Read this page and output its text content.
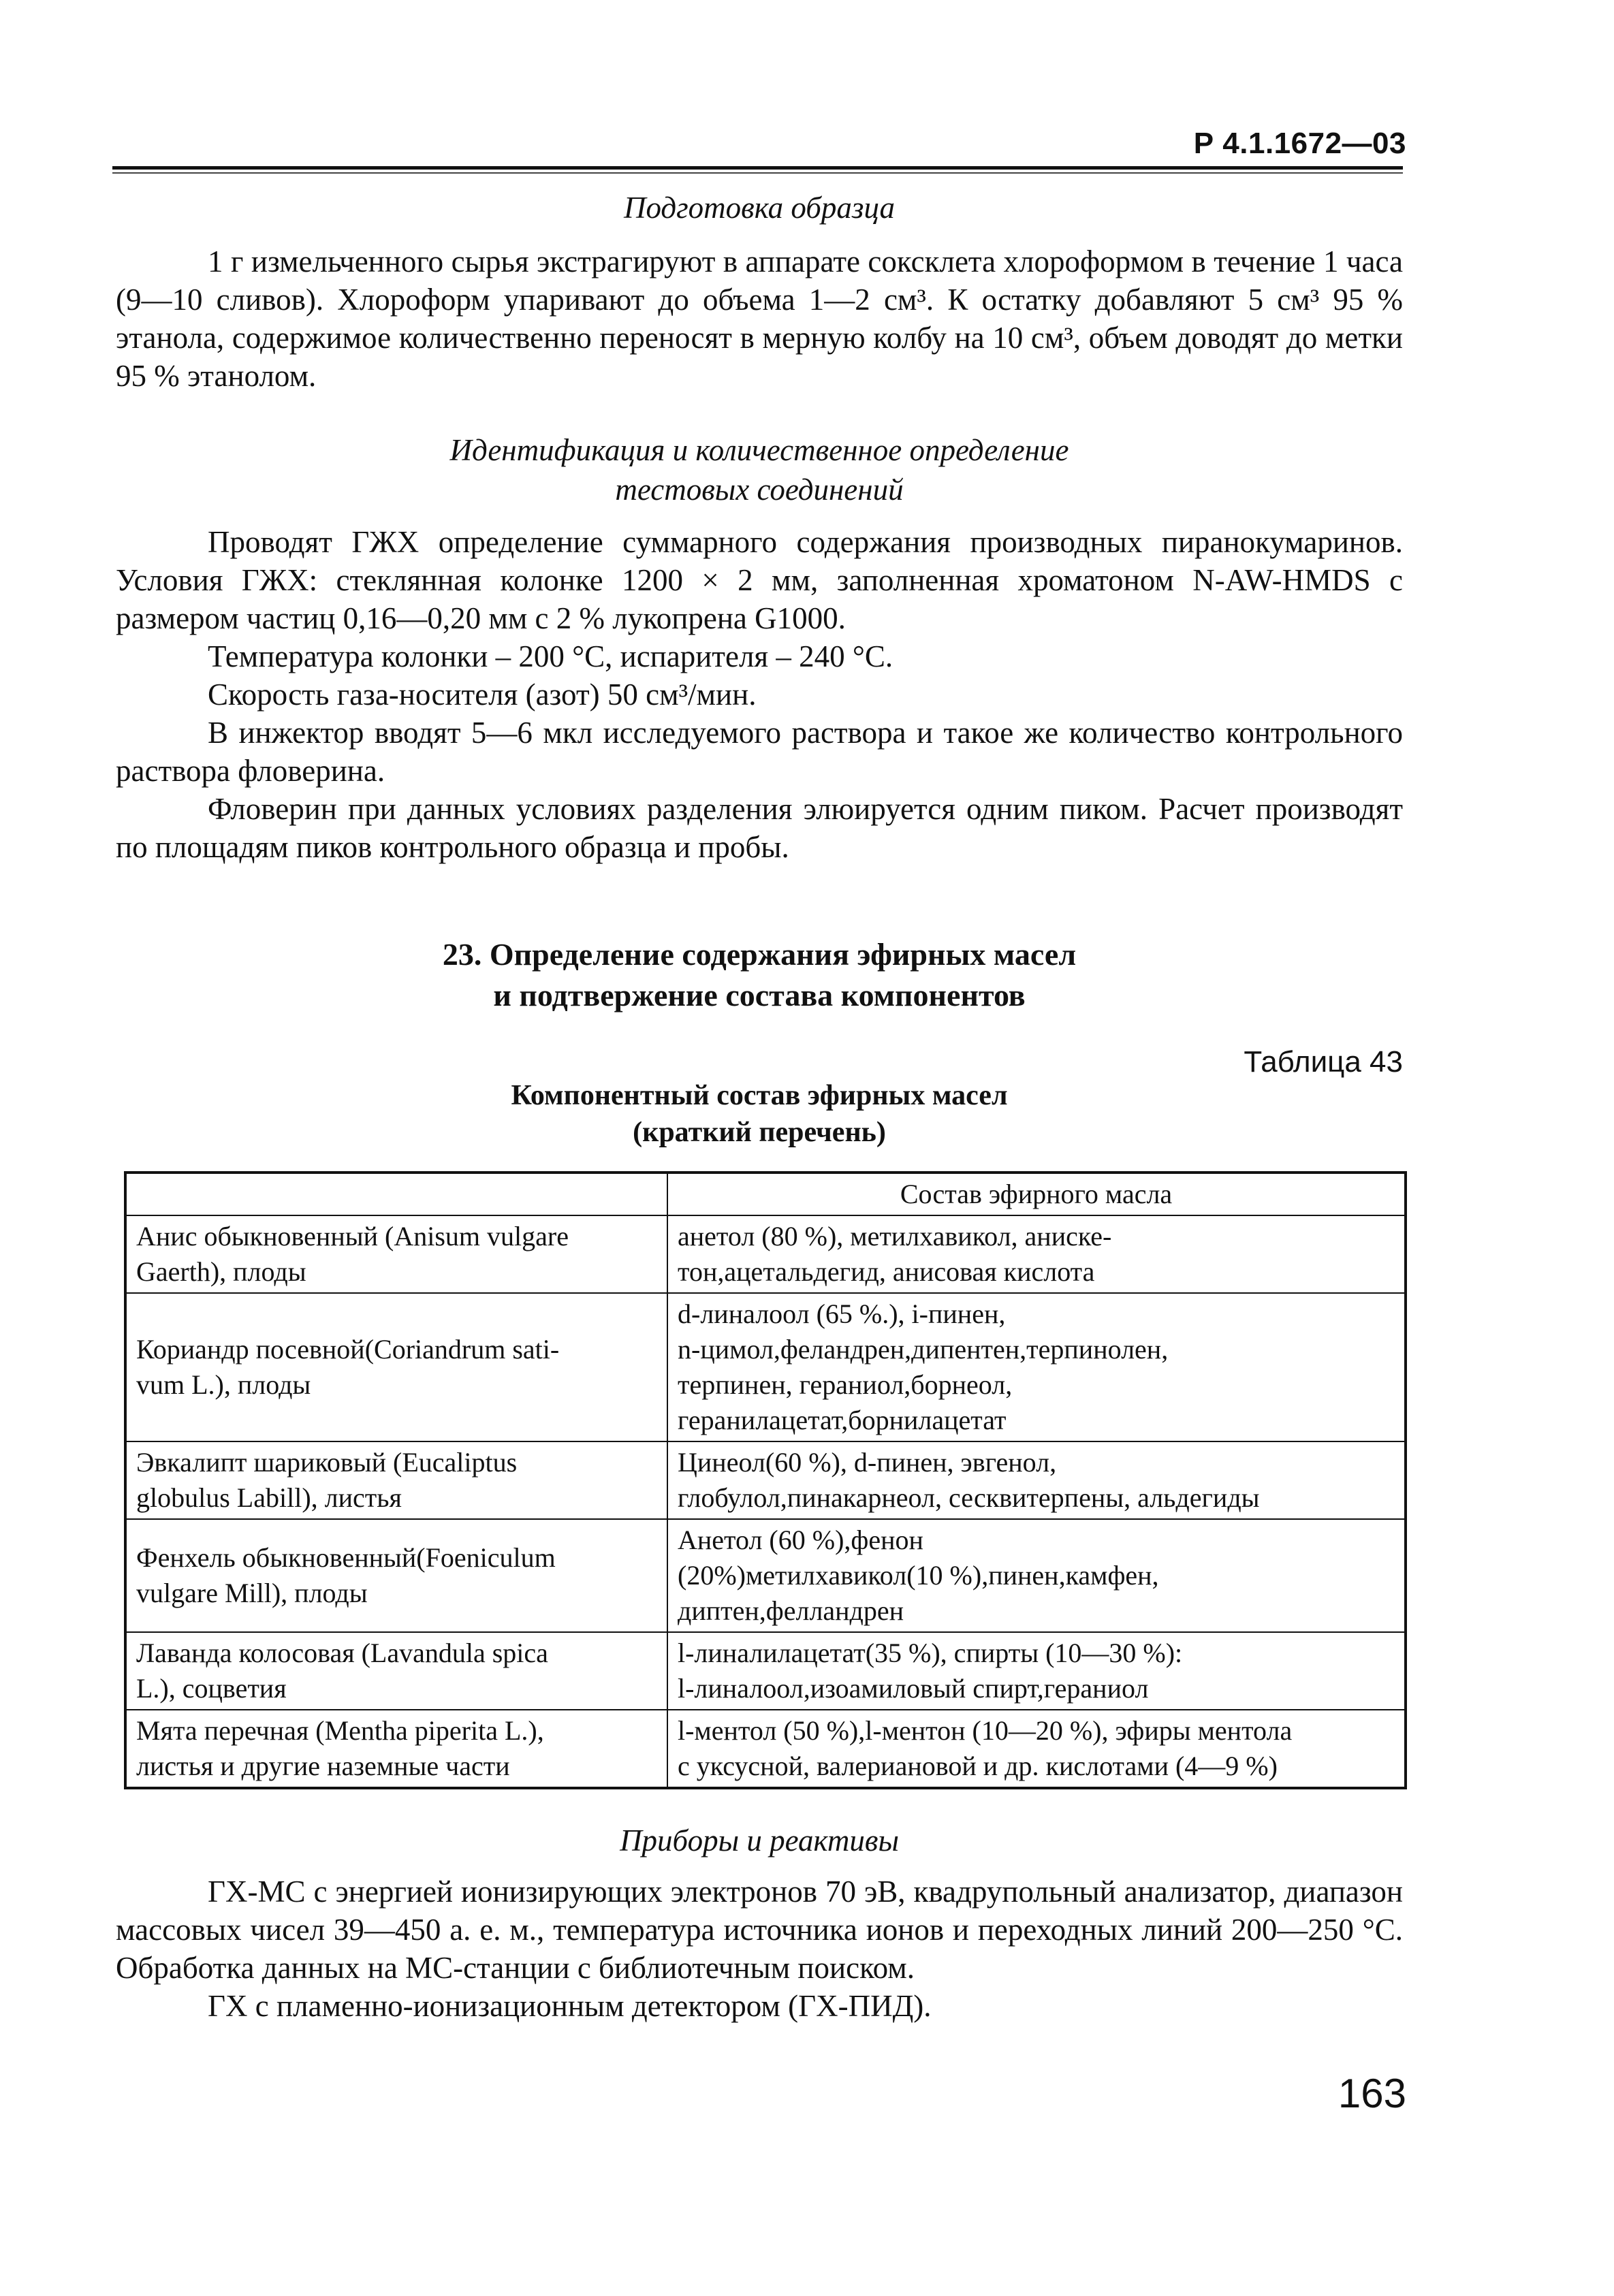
Р 4.1.1672—03

Подготовка образца

1 г измельченного сырья экстрагируют в аппарате соксклета хлороформом в течение 1 часа (9—10 сливов). Хлороформ упаривают до объема 1—2 см³. К остатку добавляют 5 см³ 95 % этанола, содержимое количественно переносят в мерную колбу на 10 см³, объем доводят до метки 95 % этанолом.

Идентификация и количественное определение

тестовых соединений

Проводят ГЖХ определение суммарного содержания производных пиранокумаринов. Условия ГЖХ: стеклянная колонке 1200 × 2 мм, заполненная хроматоном N-AW-HMDS с размером частиц 0,16—0,20 мм с 2 % лукопрена G1000.

Температура колонки – 200 °C, испарителя – 240 °C.

Скорость газа-носителя (азот) 50 см³/мин.

В инжектор вводят 5—6 мкл исследуемого раствора и такое же количество контрольного раствора фловерина.

Фловерин при данных условиях разделения элюируется одним пиком. Расчет производят по площадям пиков контрольного образца и пробы.

23. Определение содержания эфирных масел

и подтвержение состава компонентов

Таблица 43

Компонентный состав эфирных масел

(краткий перечень)

	Состав эфирного масла

Анис обыкновенный (Anisum vulgare
Gaerth), плоды	анетол (80 %), метилхавикол, аниске-
тон,ацетальдегид, анисовая кислота

Кориандр посевной(Coriandrum sati-
vum L.), плоды	d-линалоол (65 %.), i-пинен,
n-цимол,феландрен,дипентен,терпинолен,
терпинен, гераниол,борнеол,
геранилацетат,борнилацетат

Эвкалипт шариковый (Eucaliptus
globulus Labill), листья	Цинеол(60 %), d-пинен, эвгенол,
глобулол,пинакарнеол, сесквитерпены, альдегиды

Фенхель обыкновенный(Foeniculum
vulgare Mill), плоды	Анетол (60 %),фенон
(20%)метилхавикол(10 %),пинен,камфен,
диптен,фелландрен

Лаванда колосовая (Lavandula spica
L.), соцветия	l-линалилацетат(35 %), спирты (10—30 %):
l-линалоол,изоамиловый спирт,гераниол

Мята перечная (Mentha piperita L.),
листья и другие наземные части	l-ментол (50 %),l-ментон (10—20 %), эфиры ментола
с уксусной, валериановой и др. кислотами (4—9 %)

Приборы и реактивы

ГХ-МС с энергией ионизирующих электронов 70 эВ, квадрупольный анализатор, диапазон массовых чисел 39—450 а. е. м., температура источника ионов и переходных линий 200—250 °C. Обработка данных на МС-станции с библиотечным поиском.

ГХ с пламенно-ионизационным детектором (ГХ-ПИД).

163
